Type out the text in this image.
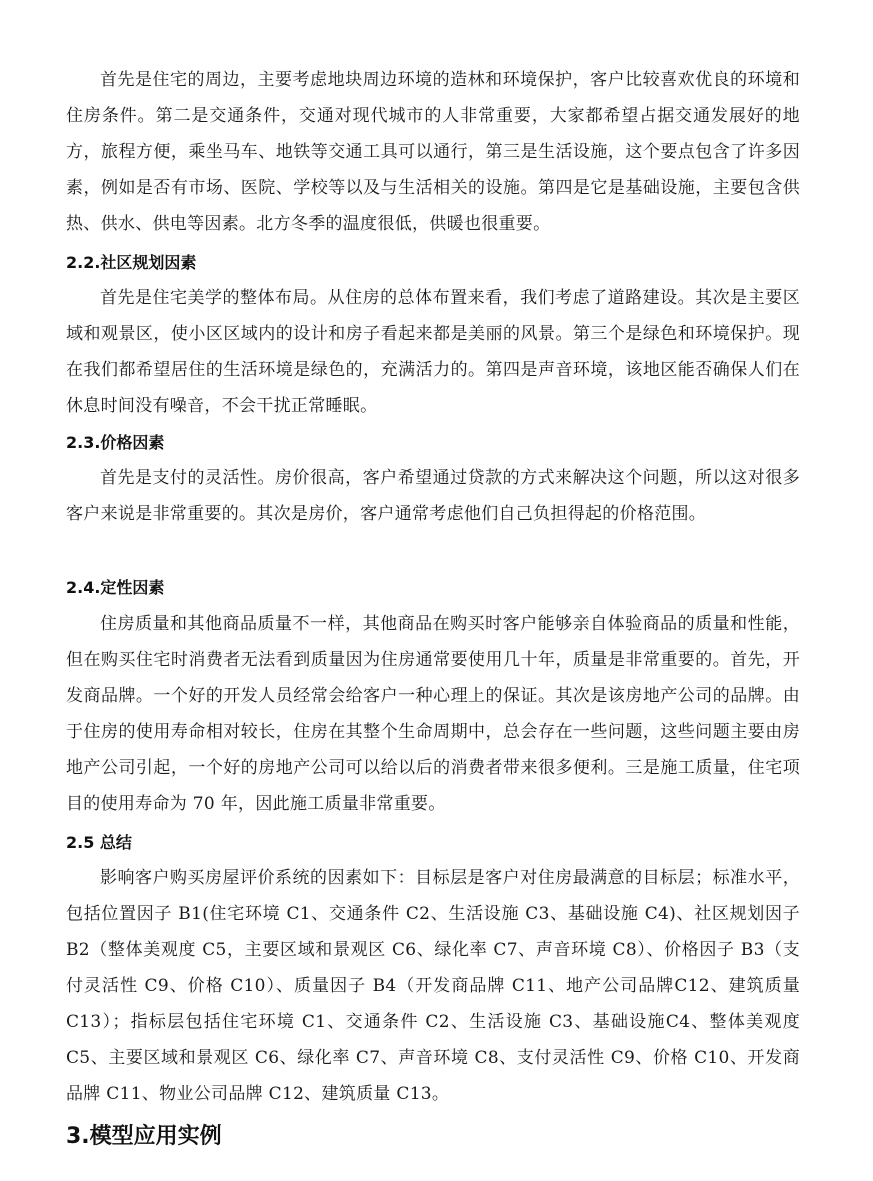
首先是住宅的周边，主要考虑地块周边环境的造林和环境保护，客户比较喜欢优良的环境和住房条件。第二是交通条件，交通对现代城市的人非常重要，大家都希望占据交通发展好的地方，旅程方便，乘坐马车、地铁等交通工具可以通行，第三是生活设施，这个要点包含了许多因素，例如是否有市场、医院、学校等以及与生活相关的设施。第四是它是基础设施，主要包含供热、供水、供电等因素。北方冬季的温度很低，供暖也很重要。

2.2.社区规划因素

首先是住宅美学的整体布局。从住房的总体布置来看，我们考虑了道路建设。其次是主要区域和观景区，使小区区域内的设计和房子看起来都是美丽的风景。第三个是绿色和环境保护。现在我们都希望居住的生活环境是绿色的，充满活力的。第四是声音环境，该地区能否确保人们在休息时间没有噪音，不会干扰正常睡眠。

2.3.价格因素

首先是支付的灵活性。房价很高，客户希望通过贷款的方式来解决这个问题，所以这对很多客户来说是非常重要的。其次是房价，客户通常考虑他们自己负担得起的价格范围。

2.4.定性因素

住房质量和其他商品质量不一样，其他商品在购买时客户能够亲自体验商品的质量和性能，但在购买住宅时消费者无法看到质量因为住房通常要使用几十年，质量是非常重要的。首先，开发商品牌。一个好的开发人员经常会给客户一种心理上的保证。其次是该房地产公司的品牌。由于住房的使用寿命相对较长，住房在其整个生命周期中，总会存在一些问题，这些问题主要由房地产公司引起，一个好的房地产公司可以给以后的消费者带来很多便利。三是施工质量，住宅项目的使用寿命为 70 年，因此施工质量非常重要。

2.5 总结

影响客户购买房屋评价系统的因素如下：目标层是客户对住房最满意的目标层；标准水平，包括位置因子 B1(住宅环境 C1、交通条件 C2、生活设施 C3、基础设施 C4)、社区规划因子 B2（整体美观度 C5，主要区域和景观区 C6、绿化率 C7、声音环境 C8）、价格因子 B3（支付灵活性 C9、价格 C10）、质量因子 B4（开发商品牌 C11、地产公司品牌C12、建筑质量 C13）；指标层包括住宅环境 C1、交通条件 C2、生活设施 C3、基础设施C4、整体美观度 C5、主要区域和景观区 C6、绿化率 C7、声音环境 C8、支付灵活性 C9、价格 C10、开发商品牌 C11、物业公司品牌 C12、建筑质量 C13。

3.模型应用实例
